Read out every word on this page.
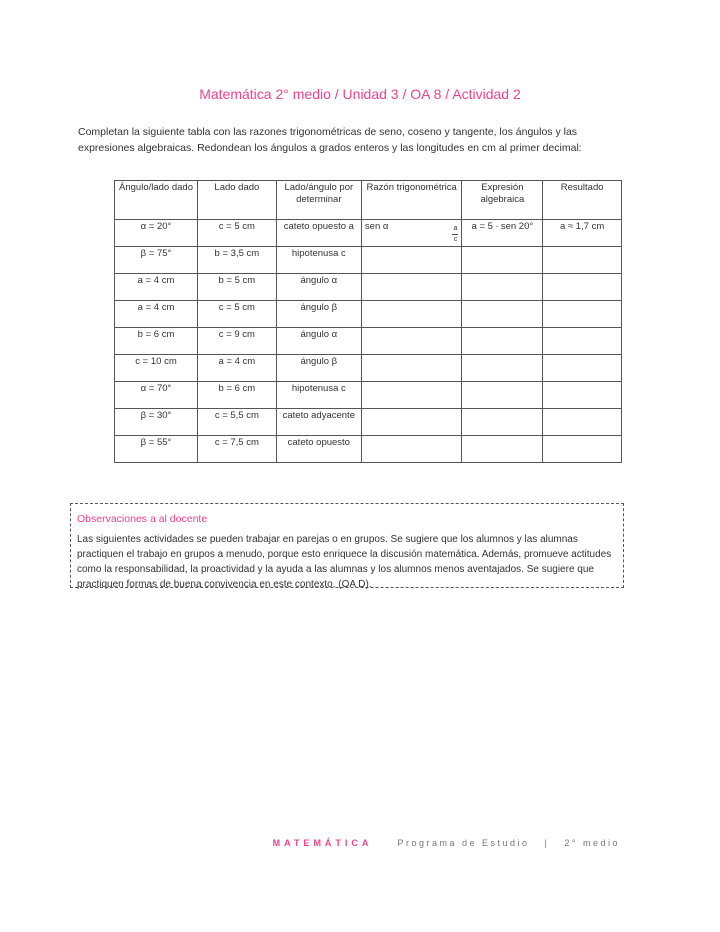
Matemática 2° medio / Unidad 3 / OA 8 / Actividad 2

Completan la siguiente tabla con las razones trigonométricas de seno, coseno y tangente, los ángulos y las expresiones algebraicas. Redondean los ángulos a grados enteros y las longitudes en cm al primer decimal:

Ángulo/lado dado	Lado dado	Lado/ángulo por determinar	Razón trigonométrica	Expresión algebraica	Resultado
α = 20°	c = 5 cm	cateto opuesto a	sen α $\frac{a}{c}$	a = 5 ∙ sen 20°	a ≈ 1,7 cm
β = 75°	b = 3,5 cm	hipotenusa c			
a = 4 cm	b = 5 cm	ángulo α			
a = 4 cm	c = 5 cm	ángulo β			
b = 6 cm	c = 9 cm	ángulo α			
c = 10 cm	a = 4 cm	ángulo β			
α = 70°	b = 6 cm	hipotenusa c			
β = 30°	c = 5,5 cm	cateto adyacente			
β = 55°	c = 7,5 cm	cateto opuesto			

Observaciones a al docente

Las siguientes actividades se pueden trabajar en parejas o en grupos. Se sugiere que los alumnos y las alumnas practiquen el trabajo en grupos a menudo, porque esto enriquece la discusión matemática. Además, promueve actitudes como la responsabilidad, la proactividad y la ayuda a las alumnas y los alumnos menos aventajados. Se sugiere que practiquen formas de buena convivencia en este contexto. (OA D).

MATEMÁTICA	Programa de Estudio | 2° medio
